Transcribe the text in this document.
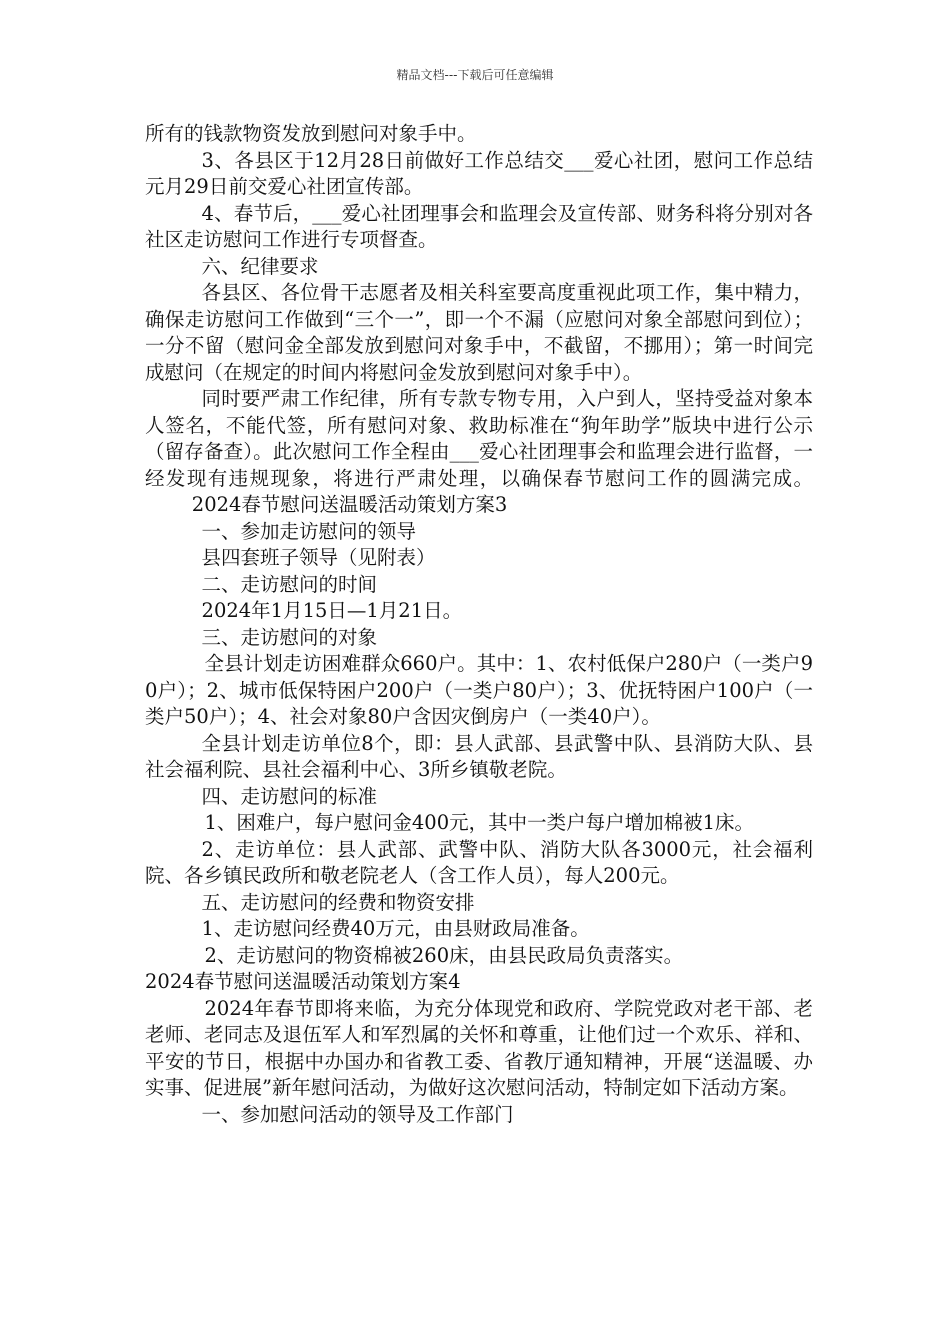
精品文档---下载后可任意编辑

所有的钱款物资发放到慰问对象手中。

3、各县区于12月28日前做好工作总结交___爱心社团，慰问工作总结元月29日前交爱心社团宣传部。

4、春节后，___爱心社团理事会和监理会及宣传部、财务科将分别对各社区走访慰问工作进行专项督查。

六、纪律要求

各县区、各位骨干志愿者及相关科室要高度重视此项工作，集中精力，确保走访慰问工作做到“三个一”，即一个不漏（应慰问对象全部慰问到位）；一分不留（慰问金全部发放到慰问对象手中，不截留，不挪用）；第一时间完成慰问（在规定的时间内将慰问金发放到慰问对象手中）。

同时要严肃工作纪律，所有专款专物专用，入户到人，坚持受益对象本人签名，不能代签，所有慰问对象、救助标准在“狗年助学”版块中进行公示（留存备查）。此次慰问工作全程由___爱心社团理事会和监理会进行监督，一经发现有违规现象，将进行严肃处理，以确保春节慰问工作的圆满完成。2024春节慰问送温暖活动策划方案3

一、参加走访慰问的领导

县四套班子领导（见附表）

二、走访慰问的时间

2024年1月15日—1月21日。

三、走访慰问的对象

全县计划走访困难群众660户。其中：1、农村低保户280户（一类户90户）；2、城市低保特困户200户（一类户80户）；3、优抚特困户100户（一类户50户）；4、社会对象80户含因灾倒房户（一类40户）。

全县计划走访单位8个，即：县人武部、县武警中队、县消防大队、县社会福利院、县社会福利中心、3所乡镇敬老院。

四、走访慰问的标准

1、困难户，每户慰问金400元，其中一类户每户增加棉被1床。

2、走访单位：县人武部、武警中队、消防大队各3000元，社会福利院、各乡镇民政所和敬老院老人（含工作人员），每人200元。

五、走访慰问的经费和物资安排

1、走访慰问经费40万元，由县财政局准备。

2、走访慰问的物资棉被260床，由县民政局负责落实。

2024春节慰问送温暖活动策划方案4

2024年春节即将来临，为充分体现党和政府、学院党政对老干部、老老师、老同志及退伍军人和军烈属的关怀和尊重，让他们过一个欢乐、祥和、平安的节日，根据中办国办和省教工委、省教厅通知精神，开展“送温暖、办实事、促进展”新年慰问活动，为做好这次慰问活动，特制定如下活动方案。

一、参加慰问活动的领导及工作部门
